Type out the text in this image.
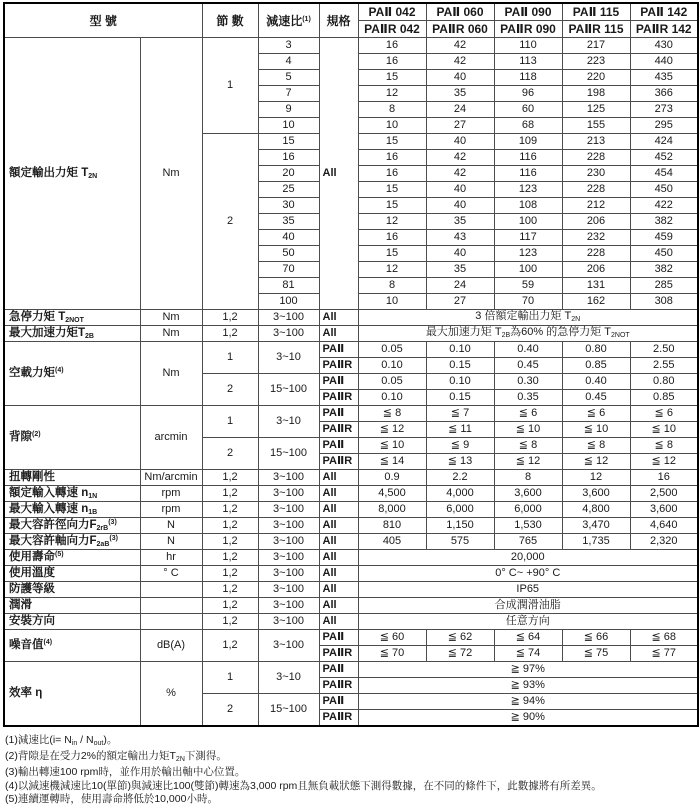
型 號		節 數	減速比$^{(1)}$	規格	PAⅡ 042	PAⅡ 060	PAⅡ 090	PAⅡ 115	PAⅡ 142
					PAⅡR 042	PAⅡR 060	PAⅡR 090	PAⅡR 115	PAⅡR 142
額定輸出力矩 $T_{2N}$	Nm	1	3	All	16	42	110	217	430
			4		16	42	113	223	440
			5		15	40	118	220	435
			7		12	35	96	198	366
			9		8	24	60	125	273
			10		10	27	68	155	295
		2	15		15	40	109	213	424
			16		16	42	116	228	452
			20		16	42	116	230	454
			25		15	40	123	228	450
			30		15	40	108	212	422
			35		12	35	100	206	382
			40		16	43	117	232	459
			50		15	40	123	228	450
			70		12	35	100	206	382
			81		8	24	59	131	285
			100		10	27	70	162	308
急停力矩 $T_{2NOT}$	Nm	1,2	3~100	All	3 倍額定輸出力矩 $T_{2N}$
最大加速力矩$T_{2B}$	Nm	1,2	3~100	All	最大加速力矩 $T_{2B}$為60% 的急停力矩 $T_{2NOT}$
空載力矩$^{(4)}$	Nm	1	3~10	PAⅡ	0.05	0.10	0.40	0.80	2.50
				PAⅡR	0.10	0.15	0.45	0.85	2.55
		2	15~100	PAⅡ	0.05	0.10	0.30	0.40	0.80
				PAⅡR	0.10	0.15	0.35	0.45	0.85
背隙$^{(2)}$	arcmin	1	3~10	PAⅡ	≦ 8	≦ 7	≦ 6	≦ 6	≦ 6
				PAⅡR	≦ 12	≦ 11	≦ 10	≦ 10	≦ 10
		2	15~100	PAⅡ	≦ 10	≦ 9	≦ 8	≦ 8	≦ 8
				PAⅡR	≦ 14	≦ 13	≦ 12	≦ 12	≦ 12
扭轉剛性	Nm/arcmin	1,2	3~100	All	0.9	2.2	8	12	16
額定輸入轉速 $n_{1N}$	rpm	1,2	3~100	All	4,500	4,000	3,600	3,600	2,500
最大輸入轉速 $n_{1B}$	rpm	1,2	3~100	All	8,000	6,000	6,000	4,800	3,600
最大容許徑向力$F_{2rB}^{(3)}$	N	1,2	3~100	All	810	1,150	1,530	3,470	4,640
最大容許軸向力$F_{2aB}^{(3)}$	N	1,2	3~100	All	405	575	765	1,735	2,320
使用壽命$^{(5)}$	hr	1,2	3~100	All	20,000				
使用溫度	° C	1,2	3~100	All	0° C~ +90° C				
防護等級		1,2	3~100	All	IP65				
潤滑		1,2	3~100	All	合成潤滑油脂				
安裝方向		1,2	3~100	All	任意方向				
噪音值$^{(4)}$	dB(A)	1,2	3~100	PAⅡ	≦ 60	≦ 62	≦ 64	≦ 66	≦ 68
				PAⅡR	≦ 70	≦ 72	≦ 74	≦ 75	≦ 77
效率 η	%	1	3~10	PAⅡ	≧ 97%				
				PAⅡR	≧ 93%				
		2	15~100	PAⅡ	≧ 94%				
				PAⅡR	≧ 90%				
(1)減速比$(i= N_{in} / N_{out})$。
(2)背隙是在受力2%的額定輸出力矩$T_{2N}$下測得。
(3)輸出轉速100 rpm時，並作用於輸出軸中心位置。
(4)以減速機減速比10(單節)與減速比100(雙節)轉速為3,000 rpm且無負載狀態下測得數據，在不同的條件下，此數據將有所差異。
(5)連續運轉時，使用壽命將低於10,000小時。
